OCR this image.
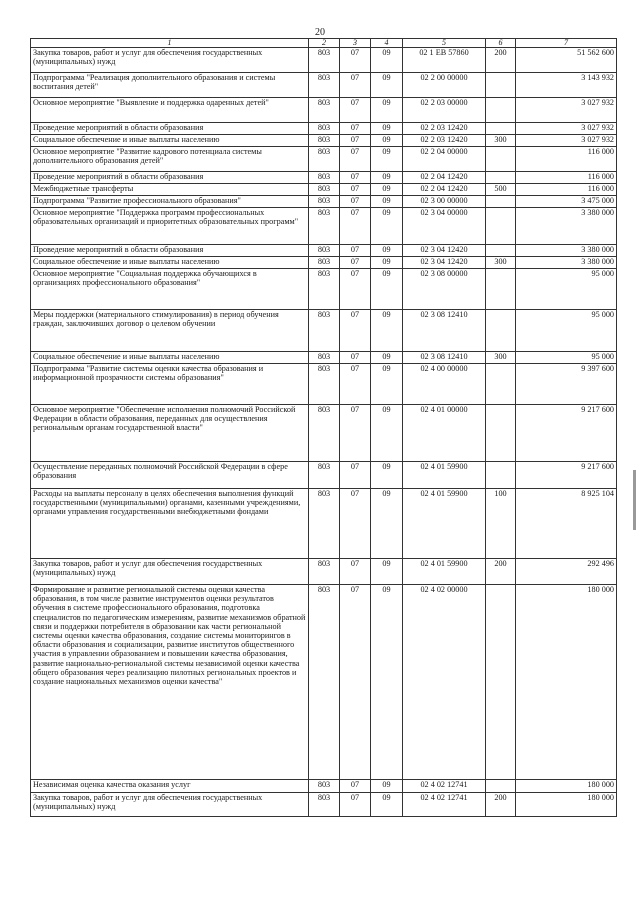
20
1	2	3	4	5	6	7
Закупка товаров, работ и услуг для обеспечения государственных (муниципальных) нужд	803	07	09	02 1 EB 57860	200	51 562 600
Подпрограмма "Реализация дополнительного образования и системы воспитания детей"	803	07	09	02 2 00 00000		3 143 932
Основное мероприятие "Выявление и поддержка одаренных детей"	803	07	09	02 2 03 00000		3 027 932
Проведение мероприятий в области образования	803	07	09	02 2 03 12420		3 027 932
Социальное обеспечение и иные выплаты населению	803	07	09	02 2 03 12420	300	3 027 932
Основное мероприятие "Развитие кадрового потенциала системы дополнительного образования детей"	803	07	09	02 2 04 00000		116 000
Проведение мероприятий в области образования	803	07	09	02 2 04 12420		116 000
Межбюджетные трансферты	803	07	09	02 2 04 12420	500	116 000
Подпрограмма "Развитие профессионального образования"	803	07	09	02 3 00 00000		3 475 000
Основное мероприятие "Поддержка программ профессиональных образовательных организаций и приоритетных образовательных программ"	803	07	09	02 3 04 00000		3 380 000
Проведение мероприятий в области образования	803	07	09	02 3 04 12420		3 380 000
Социальное обеспечение и иные выплаты населению	803	07	09	02 3 04 12420	300	3 380 000
Основное мероприятие "Социальная поддержка обучающихся в организациях профессионального образования"	803	07	09	02 3 08 00000		95 000
Меры поддержки (материального стимулирования) в период обучения граждан, заключивших договор о целевом обучении	803	07	09	02 3 08 12410		95 000
Социальное обеспечение и иные выплаты населению	803	07	09	02 3 08 12410	300	95 000
Подпрограмма "Развитие системы оценки качества образования и информационной прозрачности системы образования"	803	07	09	02 4 00 00000		9 397 600
Основное мероприятие "Обеспечение исполнения полномочий Российской Федерации в области образования, переданных для осуществления региональным органам государственной власти"	803	07	09	02 4 01 00000		9 217 600
Осуществление переданных полномочий Российской Федерации в сфере образования	803	07	09	02 4 01 59900		9 217 600
Расходы на выплаты персоналу в целях обеспечения выполнения функций государственными (муниципальными) органами, казенными учреждениями, органами управления государственными внебюджетными фондами	803	07	09	02 4 01 59900	100	8 925 104
Закупка товаров, работ и услуг для обеспечения государственных (муниципальных) нужд	803	07	09	02 4 01 59900	200	292 496
Формирование и развитие региональной системы оценки качества образования, в том числе развитие инструментов оценки результатов обучения в системе профессионального образования, подготовка специалистов по педагогическим измерениям, развитие механизмов обратной связи и поддержки потребителя в образовании как части региональной системы оценки качества образования, создание системы мониторингов в области образования и социализации, развитие институтов общественного участия в управлении образованием и повышении качества образования, развитие национально-региональной системы независимой оценки качества общего образования через реализацию пилотных региональных проектов и создание национальных механизмов оценки качества"	803	07	09	02 4 02 00000		180 000
Независимая оценка качества оказания услуг	803	07	09	02 4 02 12741		180 000
Закупка товаров, работ и услуг для обеспечения государственных (муниципальных) нужд	803	07	09	02 4 02 12741	200	180 000
